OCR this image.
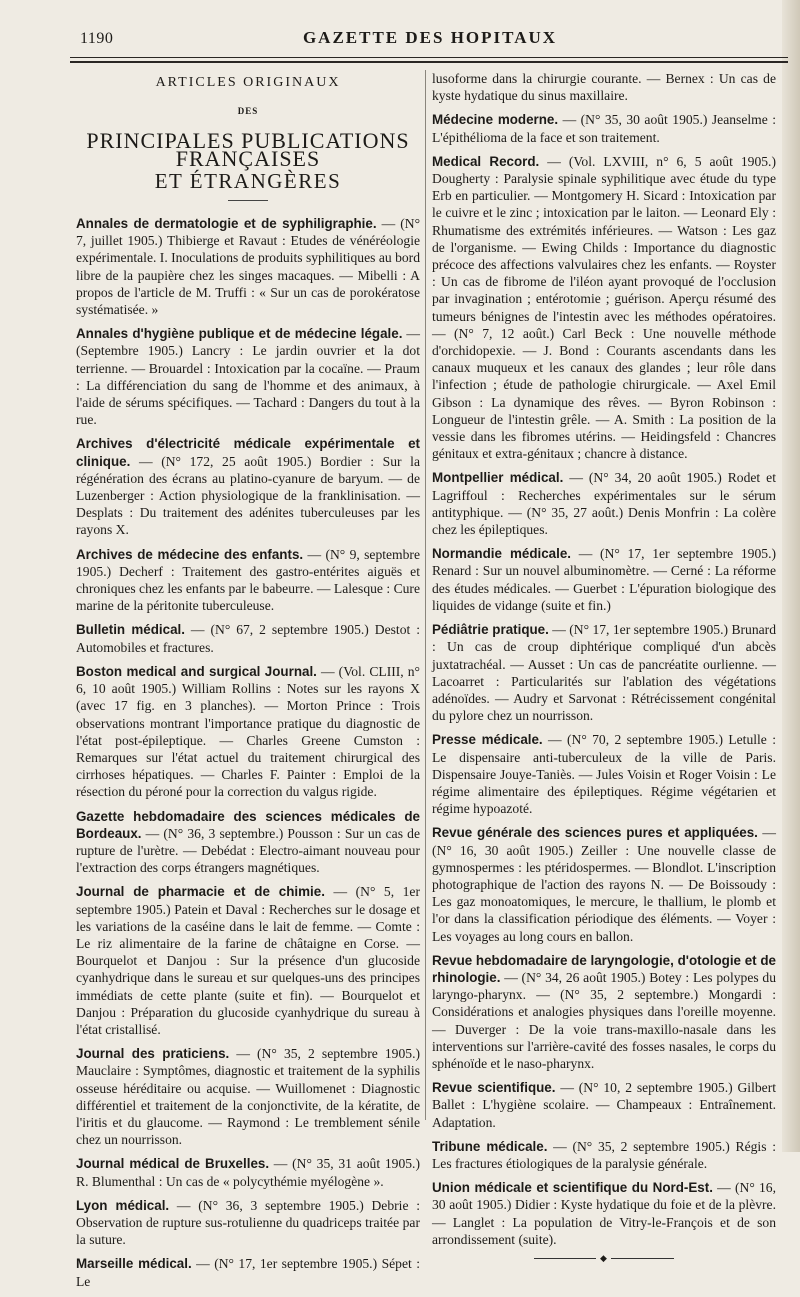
1190	GAZETTE DES HOPITAUX
ARTICLES ORIGINAUX
DES
PRINCIPALES PUBLICATIONS FRANÇAISES
ET ÉTRANGÈRES

Annales de dermatologie et de syphiligraphie. — (N° 7, juillet 1905.) Thibierge et Ravaut : Etudes de vénéréologie expérimentale. I. Inoculations de produits syphilitiques au bord libre de la paupière chez les singes macaques. — Mibelli : A propos de l'article de M. Truffi : « Sur un cas de porokératose systématisée. »

Annales d'hygiène publique et de médecine légale. — (Septembre 1905.) Lancry : Le jardin ouvrier et la dot terrienne. — Brouardel : Intoxication par la cocaïne. — Praum : La différenciation du sang de l'homme et des animaux, à l'aide de sérums spécifiques. — Tachard : Dangers du tout à la rue.

Archives d'électricité médicale expérimentale et clinique. — (N° 172, 25 août 1905.) Bordier : Sur la régénération des écrans au platino-cyanure de baryum. — de Luzenberger : Action physiologique de la franklinisation. — Desplats : Du traitement des adénites tuberculeuses par les rayons X.

Archives de médecine des enfants. — (N° 9, septembre 1905.) Decherf : Traitement des gastro-entérites aiguës et chroniques chez les enfants par le babeurre. — Lalesque : Cure marine de la péritonite tuberculeuse.

Bulletin médical. — (N° 67, 2 septembre 1905.) Destot : Automobiles et fractures.

Boston medical and surgical Journal. — (Vol. CLIII, n° 6, 10 août 1905.) William Rollins : Notes sur les rayons X (avec 17 fig. en 3 planches). — Morton Prince : Trois observations montrant l'importance pratique du diagnostic de l'état post-épileptique. — Charles Greene Cumston : Remarques sur l'état actuel du traitement chirurgical des cirrhoses hépatiques. — Charles F. Painter : Emploi de la résection du péroné pour la correction du valgus rigide.

Gazette hebdomadaire des sciences médicales de Bordeaux. — (N° 36, 3 septembre.) Pousson : Sur un cas de rupture de l'urètre. — Debédat : Electro-aimant nouveau pour l'extraction des corps étrangers magnétiques.

Journal de pharmacie et de chimie. — (N° 5, 1er septembre 1905.) Patein et Daval : Recherches sur le dosage et les variations de la caséine dans le lait de femme. — Comte : Le riz alimentaire de la farine de châtaigne en Corse. — Bourquelot et Danjou : Sur la présence d'un glucoside cyanhydrique dans le sureau et sur quelques-uns des principes immédiats de cette plante (suite et fin). — Bourquelot et Danjou : Préparation du glucoside cyanhydrique du sureau à l'état cristallisé.

Journal des praticiens. — (N° 35, 2 septembre 1905.) Mauclaire : Symptômes, diagnostic et traitement de la syphilis osseuse héréditaire ou acquise. — Wuillomenet : Diagnostic différentiel et traitement de la conjonctivite, de la kératite, de l'iritis et du glaucome. — Raymond : Le tremblement sénile chez un nourrisson.

Journal médical de Bruxelles. — (N° 35, 31 août 1905.) R. Blumenthal : Un cas de « polycythémie myélogène ».

Lyon médical. — (N° 36, 3 septembre 1905.) Debrie : Observation de rupture sus-rotulienne du quadriceps traitée par la suture.

Marseille médical. — (N° 17, 1er septembre 1905.) Sépet : Le

lusoforme dans la chirurgie courante. — Bernex : Un cas de kyste hydatique du sinus maxillaire.

Médecine moderne. — (N° 35, 30 août 1905.) Jeanselme : L'épithélioma de la face et son traitement.

Medical Record. — (Vol. LXVIII, n° 6, 5 août 1905.) Dougherty : Paralysie spinale syphilitique avec étude du type Erb en particulier. — Montgomery H. Sicard : Intoxication par le cuivre et le zinc ; intoxication par le laiton. — Leonard Ely : Rhumatisme des extrémités inférieures. — Watson : Les gaz de l'organisme. — Ewing Childs : Importance du diagnostic précoce des affections valvulaires chez les enfants. — Royster : Un cas de fibrome de l'iléon ayant provoqué de l'occlusion par invagination ; entérotomie ; guérison. Aperçu résumé des tumeurs bénignes de l'intestin avec les méthodes opératoires. — (N° 7, 12 août.) Carl Beck : Une nouvelle méthode d'orchidopexie. — J. Bond : Courants ascendants dans les canaux muqueux et les canaux des glandes ; leur rôle dans l'infection ; étude de pathologie chirurgicale. — Axel Emil Gibson : La dynamique des rêves. — Byron Robinson : Longueur de l'intestin grêle. — A. Smith : La position de la vessie dans les fibromes utérins. — Heidingsfeld : Chancres génitaux et extra-génitaux ; chancre à distance.

Montpellier médical. — (N° 34, 20 août 1905.) Rodet et Lagriffoul : Recherches expérimentales sur le sérum antityphique. — (N° 35, 27 août.) Denis Monfrin : La colère chez les épileptiques.

Normandie médicale. — (N° 17, 1er septembre 1905.) Renard : Sur un nouvel albuminomètre. — Cerné : La réforme des études médicales. — Guerbet : L'épuration biologique des liquides de vidange (suite et fin.)

Pédiâtrie pratique. — (N° 17, 1er septembre 1905.) Brunard : Un cas de croup diphtérique compliqué d'un abcès juxtatrachéal. — Ausset : Un cas de pancréatite ourlienne. — Lacoarret : Particularités sur l'ablation des végétations adénoïdes. — Audry et Sarvonat : Rétrécissement congénital du pylore chez un nourrisson.

Presse médicale. — (N° 70, 2 septembre 1905.) Letulle : Le dispensaire anti-tuberculeux de la ville de Paris. Dispensaire Jouye-Taniès. — Jules Voisin et Roger Voisin : Le régime alimentaire des épileptiques. Régime végétarien et régime hypoazoté.

Revue générale des sciences pures et appliquées. — (N° 16, 30 août 1905.) Zeiller : Une nouvelle classe de gymnospermes : les ptéridospermes. — Blondlot. L'inscription photographique de l'action des rayons N. — De Boissoudy : Les gaz monoatomiques, le mercure, le thallium, le plomb et l'or dans la classification périodique des éléments. — Voyer : Les voyages au long cours en ballon.

Revue hebdomadaire de laryngologie, d'otologie et de rhinologie. — (N° 34, 26 août 1905.) Botey : Les polypes du laryngo-pharynx. — (N° 35, 2 septembre.) Mongardi : Considérations et analogies physiques dans l'oreille moyenne. — Duverger : De la voie trans-maxillo-nasale dans les interventions sur l'arrière-cavité des fosses nasales, le corps du sphénoïde et le naso-pharynx.

Revue scientifique. — (N° 10, 2 septembre 1905.) Gilbert Ballet : L'hygiène scolaire. — Champeaux : Entraînement. Adaptation.

Tribune médicale. — (N° 35, 2 septembre 1905.) Régis : Les fractures étiologiques de la paralysie générale.

Union médicale et scientifique du Nord-Est. — (N° 16, 30 août 1905.) Didier : Kyste hydatique du foie et de la plèvre. — Langlet : La population de Vitry-le-François et de son arrondissement (suite).

◆
